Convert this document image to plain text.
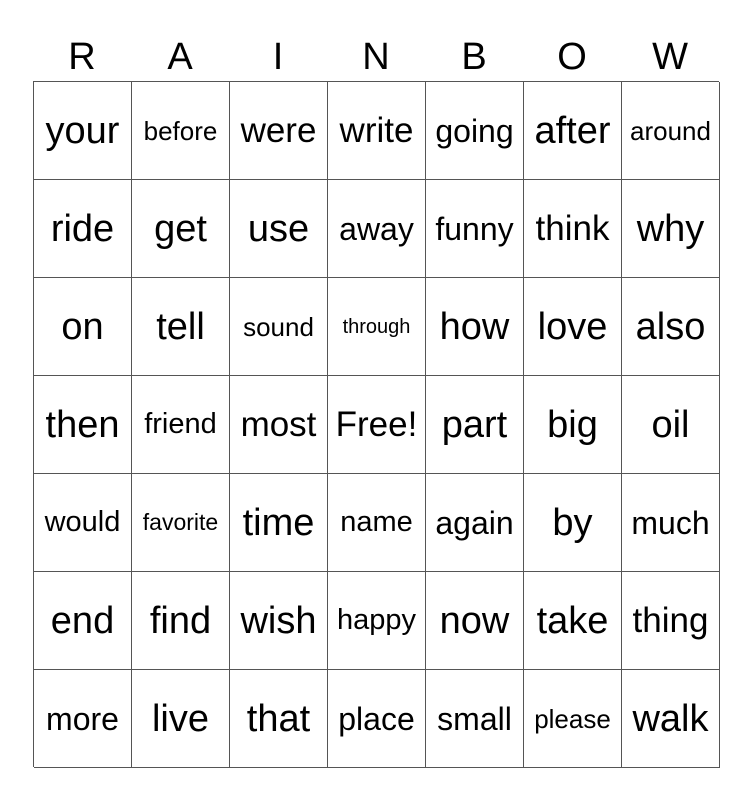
R	A	I	N	B	O	W
your before were write going after around
ride	get	use away funny think why
on	tell	sound	through how love also
then friend most Free! part	big	oil
would favorite time name again	by	much
end find wish happy now take thing
more live that place small please walk
